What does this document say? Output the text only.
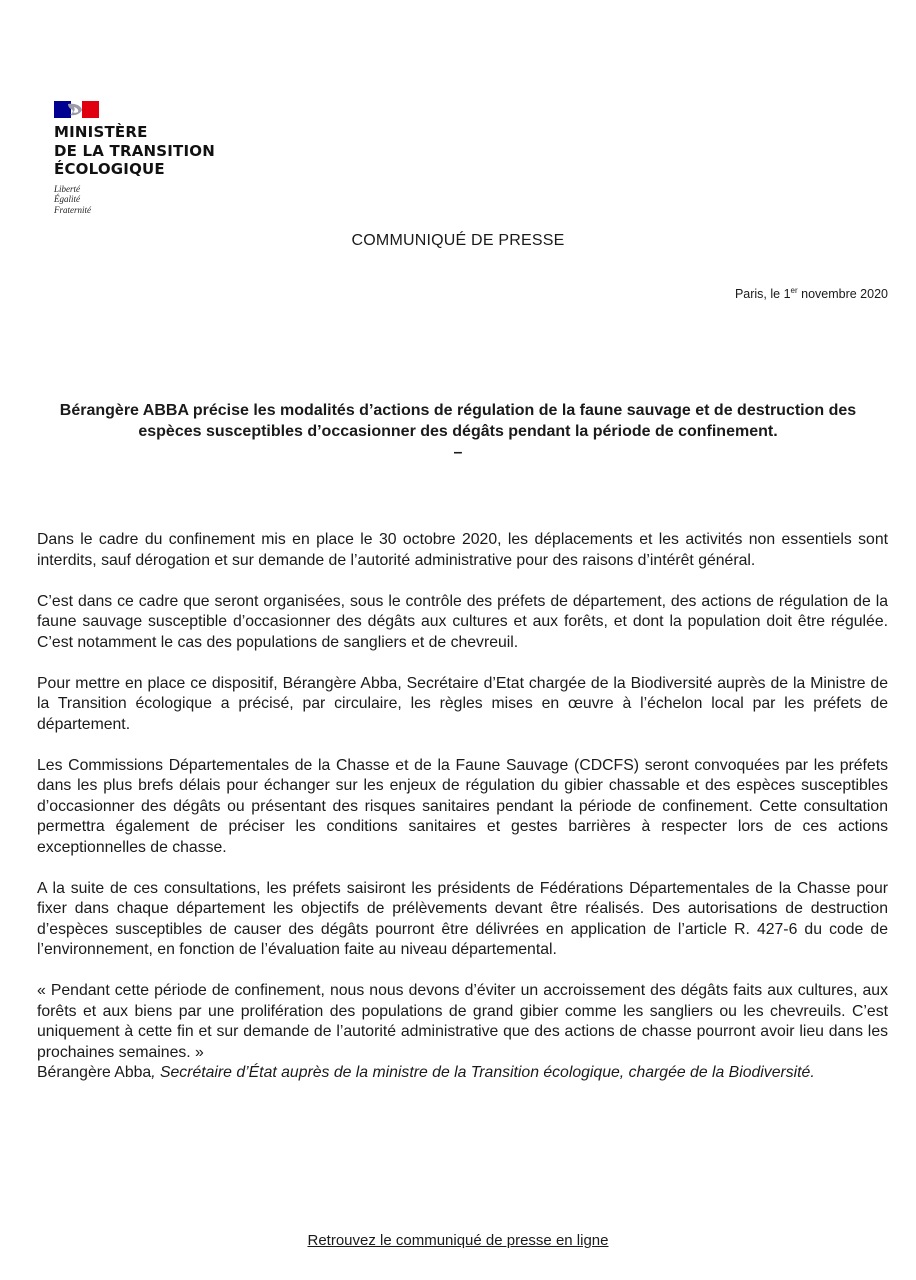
MINISTÈRE
DE LA TRANSITION
ÉCOLOGIQUE
Liberté
Égalité
Fraternité
COMMUNIQUÉ DE PRESSE
Paris, le 1er novembre 2020
Bérangère ABBA précise les modalités d’actions de régulation de la faune sauvage et de destruction des espèces susceptibles d’occasionner des dégâts pendant la période de confinement.
–

Dans le cadre du confinement mis en place le 30 octobre 2020, les déplacements et les activités non essentiels sont interdits, sauf dérogation et sur demande de l’autorité administrative pour des raisons d’intérêt général.

C’est dans ce cadre que seront organisées, sous le contrôle des préfets de département, des actions de régulation de la faune sauvage susceptible d’occasionner des dégâts aux cultures et aux forêts, et dont la population doit être régulée. C’est notamment le cas des populations de sangliers et de chevreuil.

Pour mettre en place ce dispositif, Bérangère Abba, Secrétaire d’Etat chargée de la Biodiversité auprès de la Ministre de la Transition écologique a précisé, par circulaire, les règles mises en œuvre à l’échelon local par les préfets de département.

Les Commissions Départementales de la Chasse et de la Faune Sauvage (CDCFS) seront convoquées par les préfets dans les plus brefs délais pour échanger sur les enjeux de régulation du gibier chassable et des espèces susceptibles d’occasionner des dégâts ou présentant des risques sanitaires pendant la période de confinement. Cette consultation permettra également de préciser les conditions sanitaires et gestes barrières à respecter lors de ces actions exceptionnelles de chasse.

A la suite de ces consultations, les préfets saisiront les présidents de Fédérations Départementales de la Chasse pour fixer dans chaque département les objectifs de prélèvements devant être réalisés. Des autorisations de destruction d’espèces susceptibles de causer des dégâts pourront être délivrées en application de l’article R. 427-6 du code de l’environnement, en fonction de l’évaluation faite au niveau départemental.

« Pendant cette période de confinement, nous nous devons d’éviter un accroissement des dégâts faits aux cultures, aux forêts et aux biens par une prolifération des populations de grand gibier comme les sangliers ou les chevreuils. C’est uniquement à cette fin et sur demande de l’autorité administrative que des actions de chasse pourront avoir lieu dans les prochaines semaines. »
Bérangère Abba, Secrétaire d’État auprès de la ministre de la Transition écologique, chargée de la Biodiversité.

Retrouvez le communiqué de presse en ligne
